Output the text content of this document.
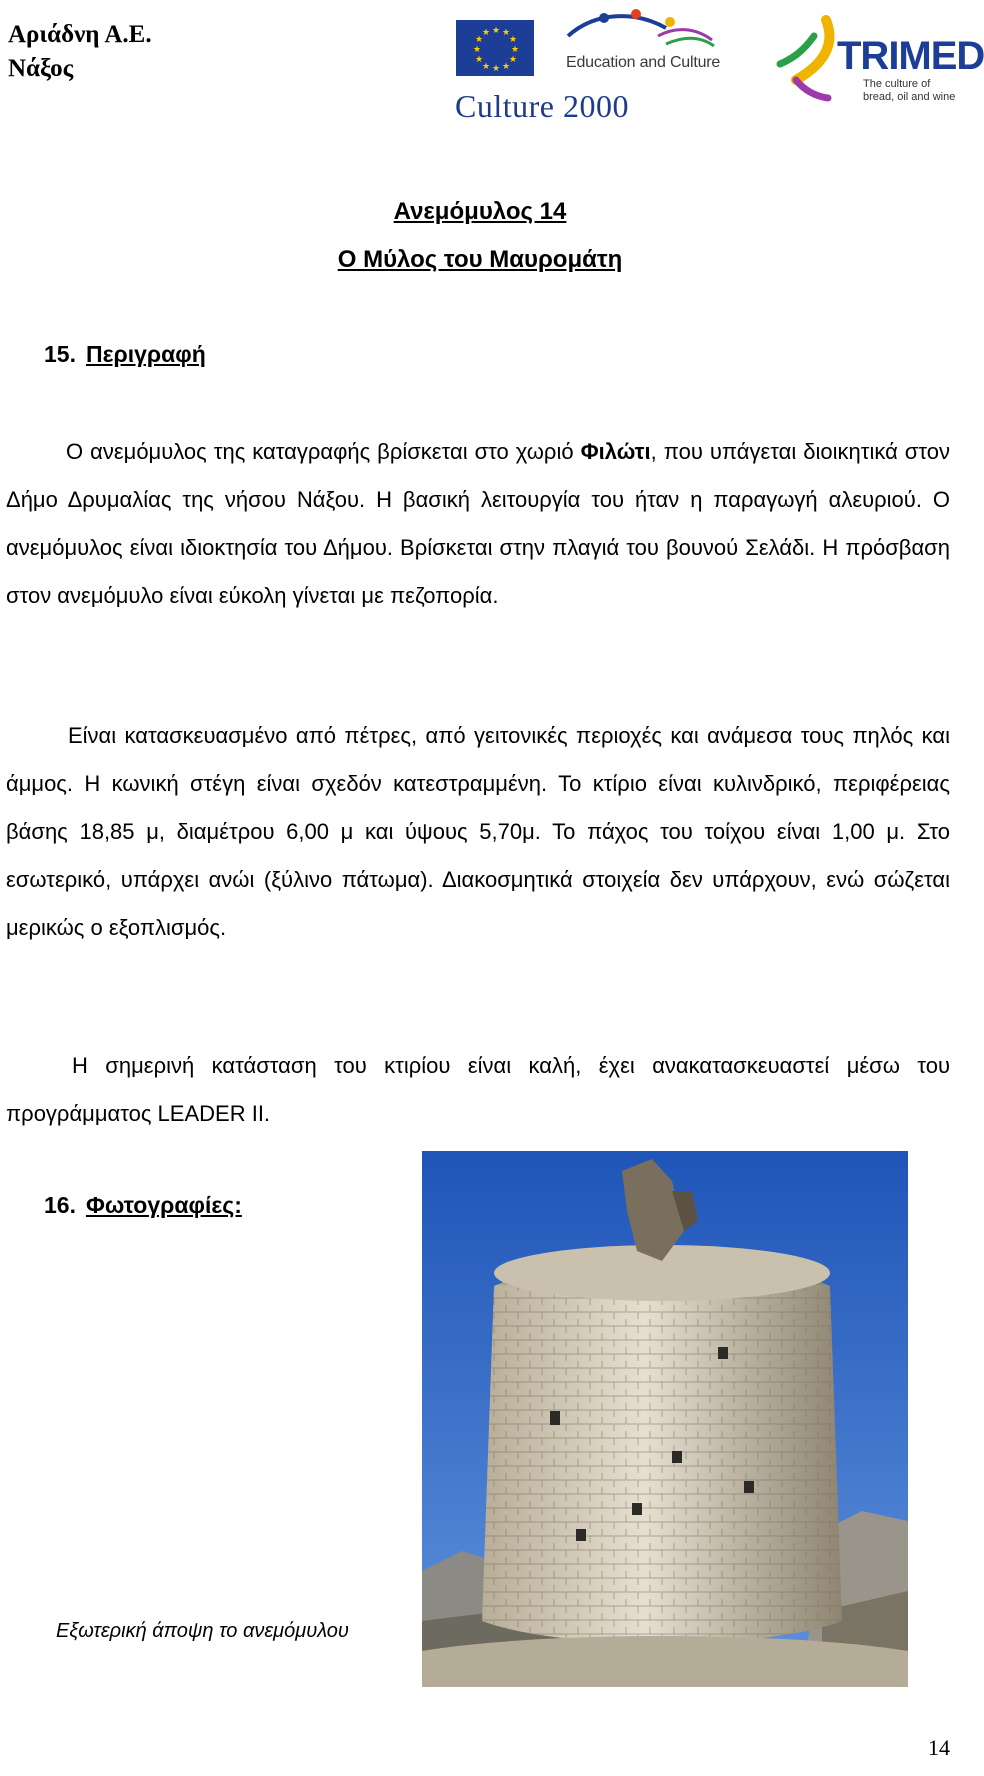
Αριάδνη Α.Ε.
Νάξος
★ ★
★
★
★
★
★
★
★
★
★
★
Education and Culture
Culture 2000
TRIMED
The culture of bread, oil and wine
Ανεμόμυλος 14
Ο Μύλος του Μαυρομάτη
15. Περιγραφή
Ο ανεμόμυλος της καταγραφής βρίσκεται στο χωριό Φιλώτι, που υπάγεται διοικητικά στον Δήμο Δρυμαλίας της νήσου Νάξου. Η βασική λειτουργία του ήταν η παραγωγή αλευριού. Ο ανεμόμυλος είναι ιδιοκτησία του Δήμου. Βρίσκεται στην πλαγιά του βουνού Σελάδι. Η πρόσβαση στον ανεμόμυλο είναι εύκολη γίνεται με πεζοπορία.
Είναι κατασκευασμένο από πέτρες, από γειτονικές περιοχές και ανάμεσα τους πηλός και άμμος. Η κωνική στέγη είναι σχεδόν κατεστραμμένη. Το κτίριο είναι κυλινδρικό, περιφέρειας βάσης 18,85 μ, διαμέτρου 6,00 μ και ύψους 5,70μ. Το πάχος του τοίχου είναι 1,00 μ. Στο εσωτερικό, υπάρχει ανώι (ξύλινο πάτωμα). Διακοσμητικά στοιχεία δεν υπάρχουν, ενώ σώζεται μερικώς ο εξοπλισμός.
Η σημερινή κατάσταση του κτιρίου είναι καλή, έχει ανακατασκευαστεί μέσω του προγράμματος LEADER II.
16. Φωτογραφίες:
Εξωτερική άποψη το ανεμόμυλου
14
